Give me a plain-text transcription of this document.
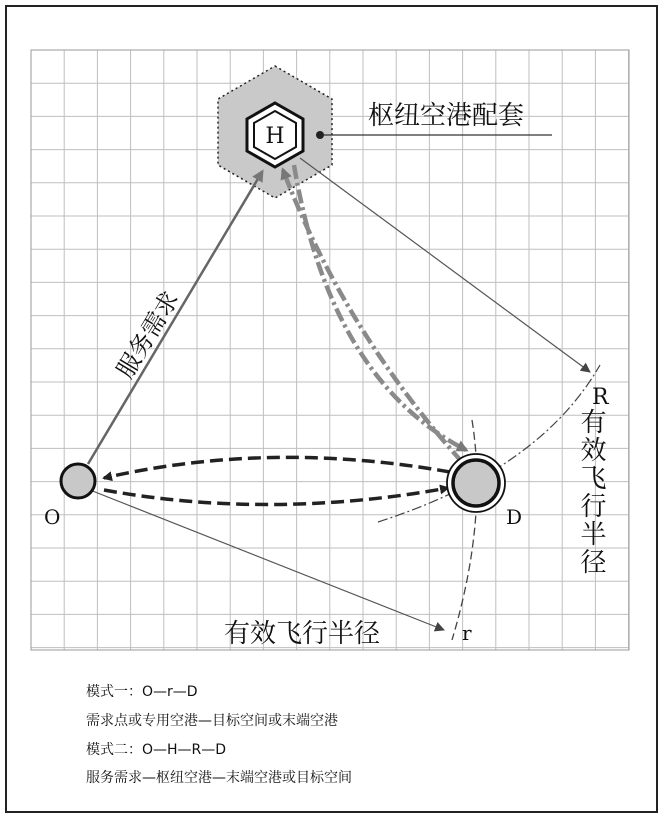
H
枢纽空港配套
服务需求
O	D
R
有效飞行半径
有效飞行半径	r
模式一：O—r—D
需求点或专用空港—目标空间或末端空港
模式二：O—H—R—D
服务需求—枢纽空港—末端空港或目标空间
